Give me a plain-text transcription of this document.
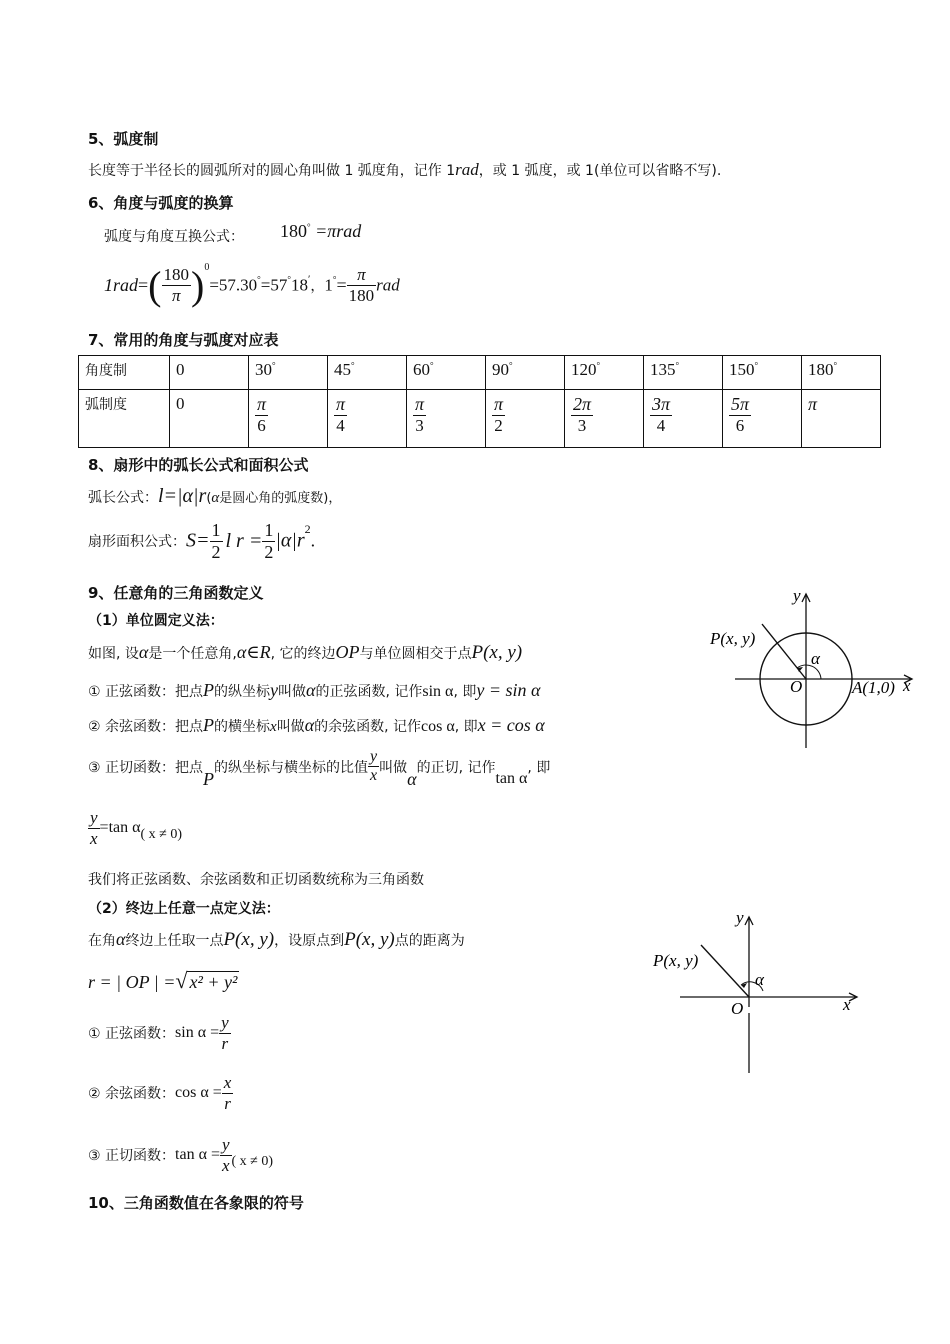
5、弧度制
长度等于半径长的圆弧所对的圆心角叫做 1 弧度角，记作 1rad，或 1 弧度，或 1(单位可以省略不写).
6、角度与弧度的换算
弧度与角度互换公式： 180° =πrad
$1rad=( \frac{180}{\pi} )^0=57.30^\circ=57^\circ 18'$，$1^\circ= \frac{\pi}{180}$ rad
7、常用的角度与弧度对应表
角度制	0	30°	45°	60°	90°	120°	135°	150°	180°
弧制度	0	$\frac{\pi}{6}$	$\frac{\pi}{4}$	$\frac{\pi}{3}$	$\frac{\pi}{2}$	$\frac{2\pi}{3}$	$\frac{3\pi}{4}$	$\frac{5\pi}{6}$	π
8、扇形中的弧长公式和面积公式
弧长公式：l=|α|r(α是圆心角的弧度数)，
扇形面积公式：$S= \frac{1}{2}$ l $r = \frac{1}{2} |\alpha|r^2$.
9、任意角的三角函数定义
（1）单位圆定义法：
如图, 设α是一个任意角,α∈R, 它的终边OP与单位圆相交于点P(x, y)
① 正弦函数：把点P的纵坐标y叫做α的正弦函数, 记作sin α, 即y = sin α
② 余弦函数：把点P的横坐标x叫做α的余弦函数, 记作cos α, 即x = cos α
③ 正切函数：把点P的纵坐标与横坐标的比值 $\frac{y}{x}$ 叫做α的正切, 记作tan α, 即
$\frac{y}{x} =\tan$ $\alpha_{( x \ne 0)}$
我们将正弦函数、余弦函数和正切函数统称为三角函数
（2）终边上任意一点定义法：
在角α终边上任取一点P(x, y)，设原点到P(x, y)点的距离为
r = | OP | =√ x² + y²
① 正弦函数：$\sin \alpha = \frac{y}{r}$
② 余弦函数：$\cos \alpha = \frac{x}{r}$
③ 正切函数：$\tan \alpha = \frac{y}{x}$ ( x ≠ 0)
10、三角函数值在各象限的符号
y
x
P(x, y)
α
O	A(1,0)
y
x
P(x, y)
α
O
